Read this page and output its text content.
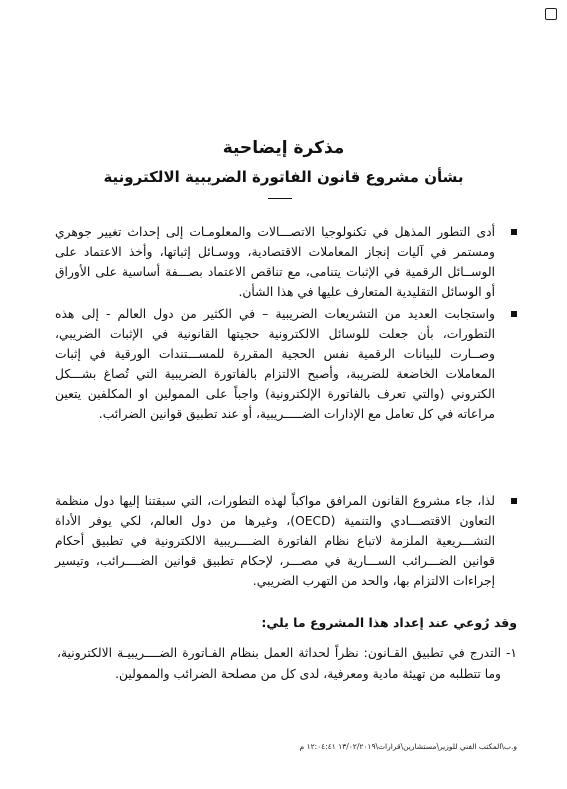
مذكرة إيضاحية
بشأن مشروع قانون الفاتورة الضريبية الالكترونية
أدى التطور المذهل في تكنولوجيا الاتصـــالات والمعلومـات إلى إحداث تغيير جوهري ومستمر في آليات إنجاز المعاملات الاقتصادية، ووسـائل إثباتها، وأخذ الاعتماد على الوســائل الرقمية في الإثبات يتنامى، مع تناقص الاعتماد بصـــفة أساسية على الأوراق أو الوسائل التقليدية المتعارف عليها في هذا الشأن.
واستجابت العديد من التشريعات الضريبية – في الكثير من دول العالم - إلى هذه التطورات، بأن جعلت للوسائل الالكترونية حجيتها القانونية في الإثبات الضريبي، وصــارت للبيانات الرقمية نفس الحجية المقررة للمســـتندات الورقية في إثبات المعاملات الخاضعة للضريبة، وأصبح الالتزام بالفاتورة الضريبية التي تُصاغ بشـــكل الكتروني (والتي تعرف بالفاتورة الإلكترونية) واجباً على الممولين او المكلفين يتعين مراعاته في كل تعامل مع الإدارات الضـــــريبية، أو عند تطبيق قوانين الضرائب.
لذا، جاء مشروع القانون المرافق مواكباً لهذه التطورات، التي سبقتنا إليها دول منظمة التعاون الاقتصـــادي والتنمية (OECD)، وغيرها من دول العالم، لكي يوفر الأداة التشـــريعية الملزمة لاتباع نظام الفاتورة الضــــريبية الالكترونية في تطبيق أحكام قوانين الضـــرائب الســـارية في مصـــر، لإحكام تطبيق قوانين الضــــرائب، وتيسير إجراءات الالتزام بها، والحد من التهرب الضريبي.
وقد رُوعي عند إعداد هذا المشروع ما يلي:
١-
التدرج في تطبيق القـانون: نظراً لحداثة العمل بنظام الفـاتورة الضــــريبيـة الالكترونية، وما تتطلبه من تهيئة مادية ومعرفية، لدى كل من مصلحة الضرائب والممولين.
و.ب\المكتب الفني للوزير\مستشارين\قرارات\١٣/٠٢/٢٠١٩ ١٢:٠٤:٤١ م
